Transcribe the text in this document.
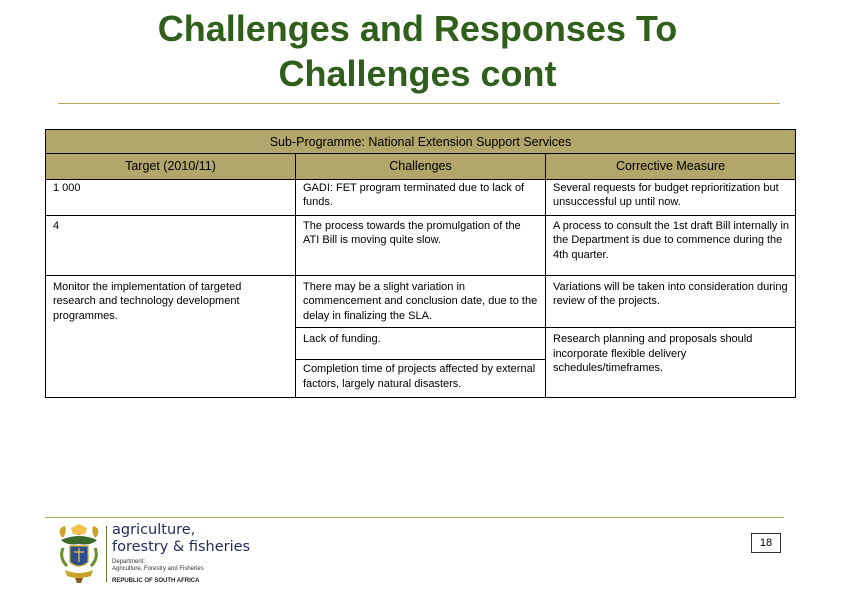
Challenges and Responses To
Challenges cont
Sub-Programme: National Extension Support Services		
Target (2010/11)	Challenges	Corrective Measure
1 000	GADI: FET program terminated due to lack of funds.	Several requests for budget reprioritization but unsuccessful up until now.
4	The process towards the promulgation of the ATI Bill is moving quite slow.	A process to consult the 1st draft Bill internally in the Department is due to commence during the 4th quarter.
Monitor the implementation of targeted research and technology development programmes.	There may be a slight variation in commencement and conclusion date, due to the delay in finalizing the SLA.	Variations will be taken into consideration during review of the projects.
	Lack of funding.	Research planning and proposals should incorporate flexible delivery schedules/timeframes.
	Completion time of projects affected by external factors, largely natural disasters.	
agriculture,
forestry & fisheries
Department:
Agriculture, Forestry and Fisheries
REPUBLIC OF SOUTH AFRICA
18
